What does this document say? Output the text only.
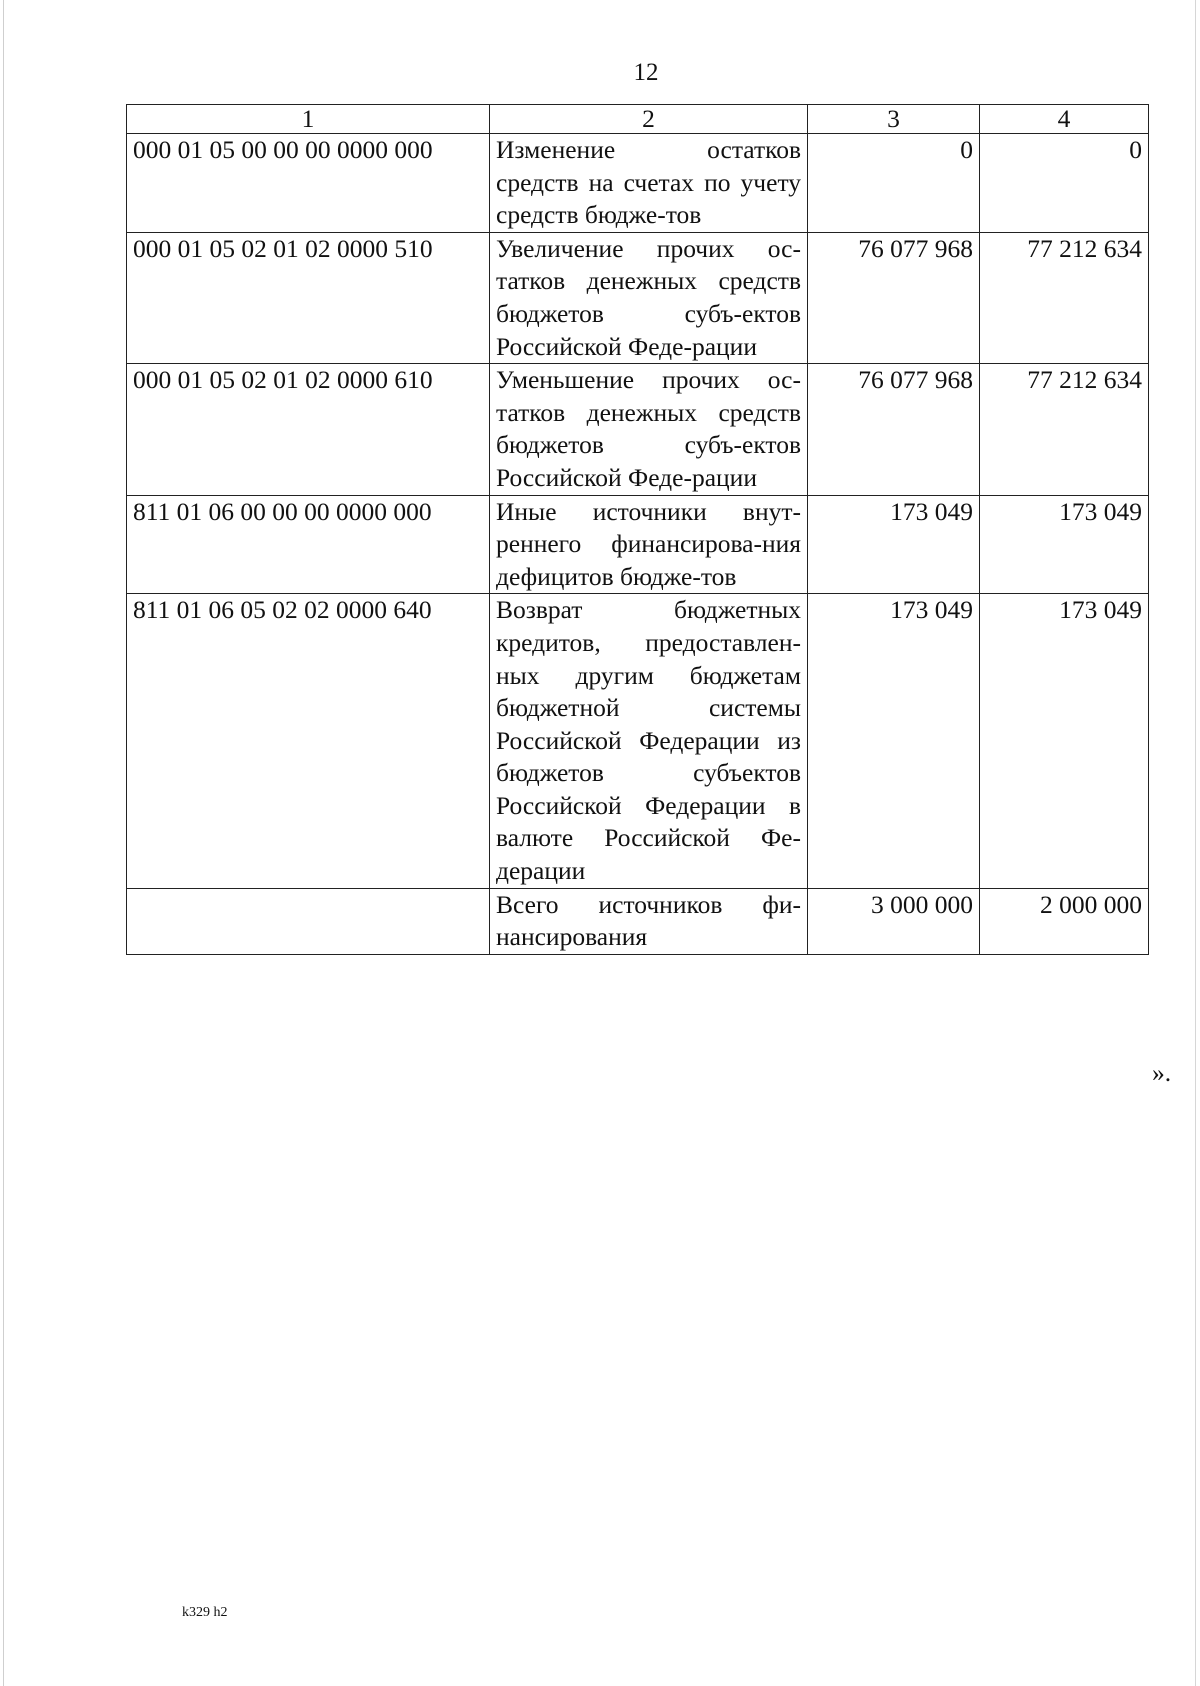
12
1	2	3	4
000 01 05 00 00 00 0000 000	Изменение остатков средств на счетах по учету средств бюдже-тов	0	0
000 01 05 02 01 02 0000 510	Увеличение прочих ос-татков денежных средств бюджетов субъ-ектов Российской Феде-рации	76 077 968	77 212 634
000 01 05 02 01 02 0000 610	Уменьшение прочих ос-татков денежных средств бюджетов субъ-ектов Российской Феде-рации	76 077 968	77 212 634
811 01 06 00 00 00 0000 000	Иные источники внут-реннего финансирова-ния дефицитов бюдже-тов	173 049	173 049
811 01 06 05 02 02 0000 640	Возврат бюджетных кредитов, предоставлен-ных другим бюджетам бюджетной системы Российской Федерации из бюджетов субъектов Российской Федерации в валюте Российской Фе-дерации	173 049	173 049
	Всего источников фи-нансирования	3 000 000	2 000 000
».
k329 h2
